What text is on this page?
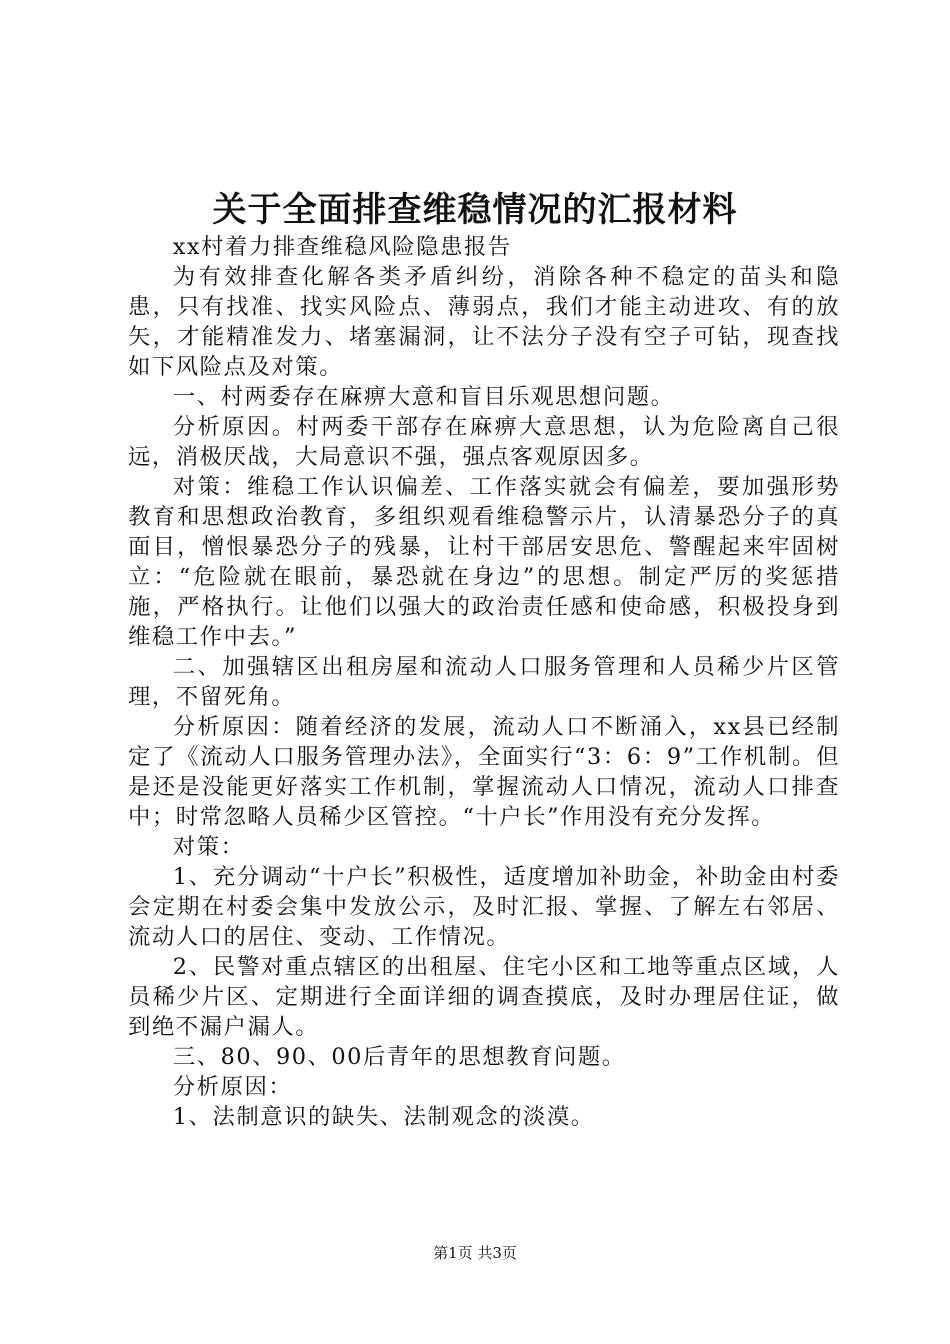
关于全面排查维稳情况的汇报材料

xx村着力排查维稳风险隐患报告

为有效排查化解各类矛盾纠纷，消除各种不稳定的苗头和隐患，只有找准、找实风险点、薄弱点，我们才能主动进攻、有的放矢，才能精准发力、堵塞漏洞，让不法分子没有空子可钻，现查找如下风险点及对策。

一、村两委存在麻痹大意和盲目乐观思想问题。

分析原因。村两委干部存在麻痹大意思想，认为危险离自己很远，消极厌战，大局意识不强，强点客观原因多。

对策：维稳工作认识偏差、工作落实就会有偏差，要加强形势教育和思想政治教育，多组织观看维稳警示片，认清暴恐分子的真面目，憎恨暴恐分子的残暴，让村干部居安思危、警醒起来牢固树立：“危险就在眼前，暴恐就在身边”的思想。制定严厉的奖惩措施，严格执行。让他们以强大的政治责任感和使命感，积极投身到维稳工作中去。”

二、加强辖区出租房屋和流动人口服务管理和人员稀少片区管理，不留死角。

分析原因：随着经济的发展，流动人口不断涌入，xx县已经制定了《流动人口服务管理办法》，全面实行“3：6：9”工作机制。但是还是没能更好落实工作机制，掌握流动人口情况，流动人口排查中；时常忽略人员稀少区管控。“十户长”作用没有充分发挥。

对策：

1、充分调动“十户长”积极性，适度增加补助金，补助金由村委会定期在村委会集中发放公示，及时汇报、掌握、了解左右邻居、流动人口的居住、变动、工作情况。

2、民警对重点辖区的出租屋、住宅小区和工地等重点区域，人员稀少片区、定期进行全面详细的调查摸底，及时办理居住证，做到绝不漏户漏人。

三、80、90、00后青年的思想教育问题。

分析原因：

1、法制意识的缺失、法制观念的淡漠。

第1页 共3页
